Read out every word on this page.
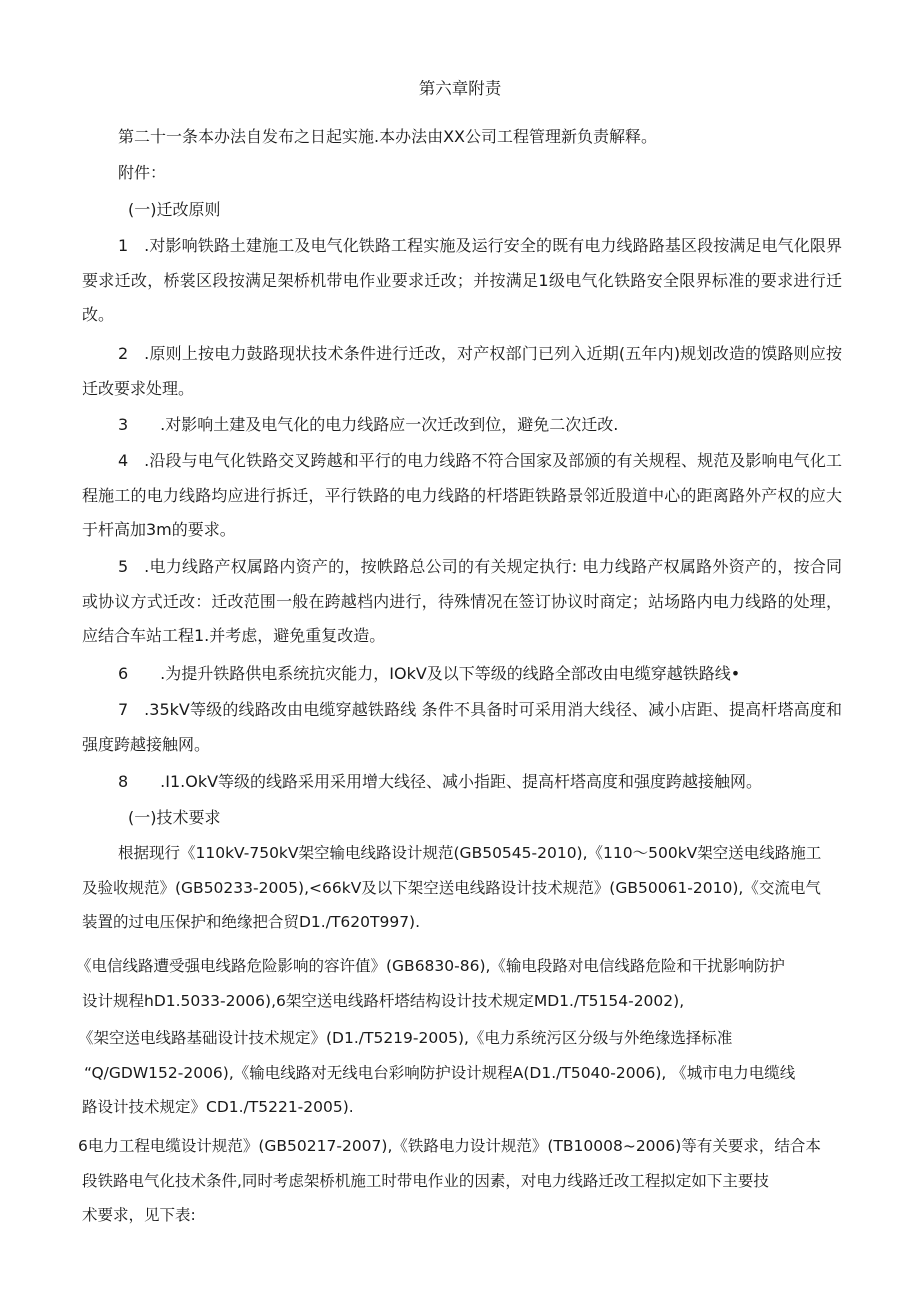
第六章附责
第二十一条本办法自发布之日起实施.本办法由XX公司工程管理新负责解释。
附件：
(一)迁改原则
1 .对影响铁路土建施工及电气化铁路工程实施及运行安全的既有电力线路路基区段按满足电气化限界要求迁改，桥裳区段按满足架桥机带电作业要求迁改；并按满足1级电气化铁路安全限界标准的要求进行迁改。
2 .原则上按电力鼓路现状技术条件进行迁改，对产权部门已列入近期(五年内)规划改造的馍路则应按迁改要求处理。
3  .对影响土建及电气化的电力线路应一次迁改到位，避免二次迁改.
4 .沿段与电气化铁路交叉跨越和平行的电力线路不符合国家及部颁的有关规程、规范及影响电气化工程施工的电力线路均应进行拆迁，平行铁路的电力线路的杆塔距铁路景邻近股道中心的距离路外产权的应大于杆高加3m的要求。
5 .电力线路产权属路内资产的，按帙路总公司的有关规定执行: 电力线路产权属路外资产的，按合同或协议方式迁改：迁改范围一般在跨越档内进行，待殊情况在签订协议时商定；站场路内电力线路的处理，应结合车站工程1.并考虑，避免重复改造。
6  .为提升铁路供电系统抗灾能力，IOkV及以下等级的线路全部改由电缆穿越铁路线•
7 .35kV等级的线路改由电缆穿越铁路线 条件不具备时可采用消大线径、减小店距、提高杆塔高度和强度跨越接触网。
8  .I1.OkV等级的线路采用采用增大线径、减小指距、提高杆塔高度和强度跨越接触网。
(一)技术要求
根据现行《110kV-750kV架空输电线路设计规范(GB50545-2010),《110〜500kV架空送电线路施工
及验收规范》(GB50233-2005),<66kV及以下架空送电线路设计技术规范》(GB50061-2010),《交流电气
装置的过电压保护和绝缘把合贸D1./T620T997).
《电信线路遭受强电线路危险影响的容许值》(GB6830-86),《输电段路对电信线路危险和干扰影响防护
设计规程hD1.5033-2006),6架空送电线路杆塔结构设计技术规定MD1./T5154-2002),
《架空送电线路基础设计技术规定》(D1./T5219-2005),《电力系统污区分级与外绝缘选择标准
“Q/GDW152-2006),《输电线路对无线电台彩响防护设计规程A(D1./T5040-2006), 《城市电力电缆线
路设计技术规定》CD1./T5221-2005).
6电力工程电缆设计规范》(GB50217-2007),《铁路电力设计规范》(TB10008~2006)等有关要求，结合本
段铁路电气化技术条件,同时考虑架桥机施工时带电作业的因素，对电力线路迁改工程拟定如下主要技
术要求，见下表:
